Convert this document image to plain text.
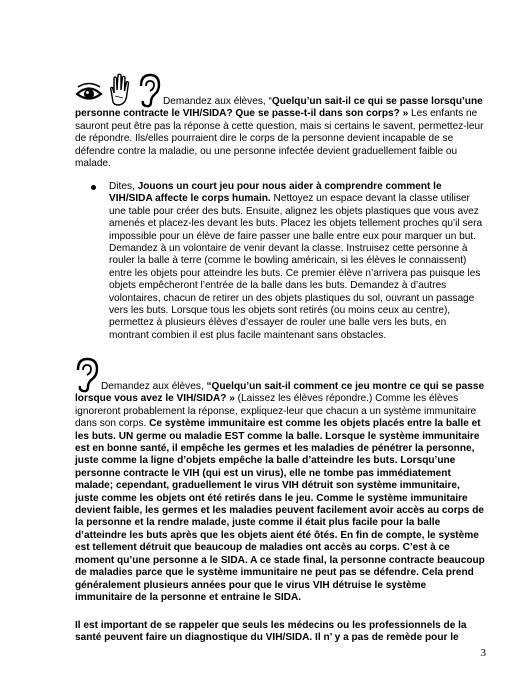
Demandez aux élèves, “Quelqu’un sait-il ce qui se passe lorsqu’une personne contracte le VIH/SIDA? Que se passe-t-il dans son corps? » Les enfants ne sauront peut être pas la réponse à cette question, mais si certains le savent, permettez-leur de répondre. Ils/elles pourraient dire le corps de la personne devient incapable de se défendre contre la maladie, ou une personne infectée devient graduellement faible ou malade.

Dites, Jouons un court jeu pour nous aider à comprendre comment le VIH/SIDA affecte le corps humain. Nettoyez un espace devant la classe utiliser une table pour créer des buts. Ensuite, alignez les objets plastiques que vous avez amenés et placez-les devant les buts. Placez les objets tellement proches qu’il sera impossible pour un élève de faire passer une balle entre eux pour marquer un but. Demandez à un volontaire de venir devant la classe. Instruisez cette personne à rouler la balle à terre (comme le bowling américain, si les élèves le connaissent) entre les objets pour atteindre les buts. Ce premier élève n’arrivera pas puisque les objets empêcheront l’entrée de la balle dans les buts. Demandez à d’autres volontaires, chacun de retirer un des objets plastiques du sol, ouvrant un passage vers les buts. Lorsque tous les objets sont retirés (ou moins ceux au centre), permettez à plusieurs élèves d’essayer de rouler une balle vers les buts, en montrant combien il est plus facile maintenant sans obstacles.

Demandez aux élèves, “Quelqu’un sait-il comment ce jeu montre ce qui se passe lorsque vous avez le VIH/SIDA? » (Laissez les élèves répondre.) Comme les élèves ignoreront probablement la réponse, expliquez-leur que chacun a un système immunitaire dans son corps. Ce système immunitaire est comme les objets placés entre la balle et les buts. UN germe ou maladie EST comme la balle. Lorsque le système immunitaire est en bonne santé, il empêche les germes et les maladies de pénétrer la personne, juste comme la ligne d’objets empêche la balle d’atteindre les buts. Lorsqu’une personne contracte le VIH (qui est un virus), elle ne tombe pas immédiatement malade; cependant, graduellement le virus VIH détruit son système immunitaire, juste comme les objets ont été retirés dans le jeu. Comme le système immunitaire devient faible, les germes et les maladies peuvent facilement avoir accès au corps de la personne et la rendre malade, juste comme il était plus facile pour la balle d’atteindre les buts après que les objets aient été ôtés. En fin de compte, le système est tellement détruit que beaucoup de maladies ont accès au corps. C’est à ce moment qu’une personne a le SIDA. A ce stade final, la personne contracte beaucoup de maladies parce que le système immunitaire ne peut pas se défendre. Cela prend généralement plusieurs années pour que le virus VIH détruise le système immunitaire de la personne et entraine le SIDA.

Il est important de se rappeler que seuls les médecins ou les professionnels de la santé peuvent faire un diagnostique du VIH/SIDA. Il n’ y a pas de remède pour le

3
